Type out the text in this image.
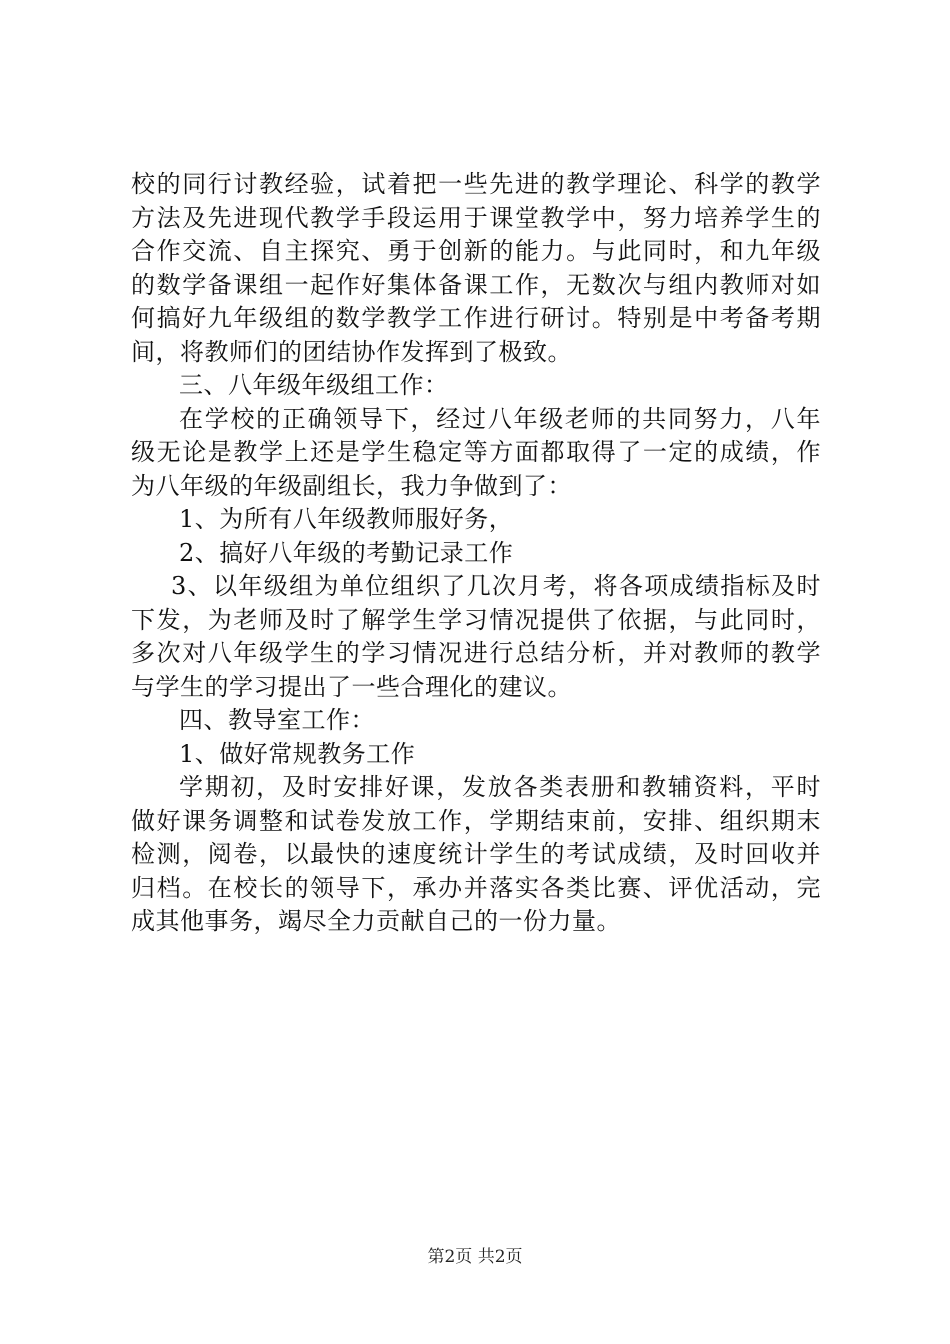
校的同行讨教经验，试着把一些先进的教学理论、科学的教学
方法及先进现代教学手段运用于课堂教学中，努力培养学生的
合作交流、自主探究、勇于创新的能力。与此同时，和九年级
的数学备课组一起作好集体备课工作，无数次与组内教师对如
何搞好九年级组的数学教学工作进行研讨。特别是中考备考期
间，将教师们的团结协作发挥到了极致。
三、八年级年级组工作：
在学校的正确领导下，经过八年级老师的共同努力，八年
级无论是教学上还是学生稳定等方面都取得了一定的成绩，作
为八年级的年级副组长，我力争做到了：
1、为所有八年级教师服好务，
2、搞好八年级的考勤记录工作
3、以年级组为单位组织了几次月考，将各项成绩指标及时
下发，为老师及时了解学生学习情况提供了依据，与此同时，
多次对八年级学生的学习情况进行总结分析，并对教师的教学
与学生的学习提出了一些合理化的建议。
四、教导室工作：
1、做好常规教务工作
学期初，及时安排好课，发放各类表册和教辅资料，平时
做好课务调整和试卷发放工作，学期结束前，安排、组织期末
检测，阅卷，以最快的速度统计学生的考试成绩，及时回收并
归档。在校长的领导下，承办并落实各类比赛、评优活动，完
成其他事务，竭尽全力贡献自己的一份力量。
第2页 共2页
